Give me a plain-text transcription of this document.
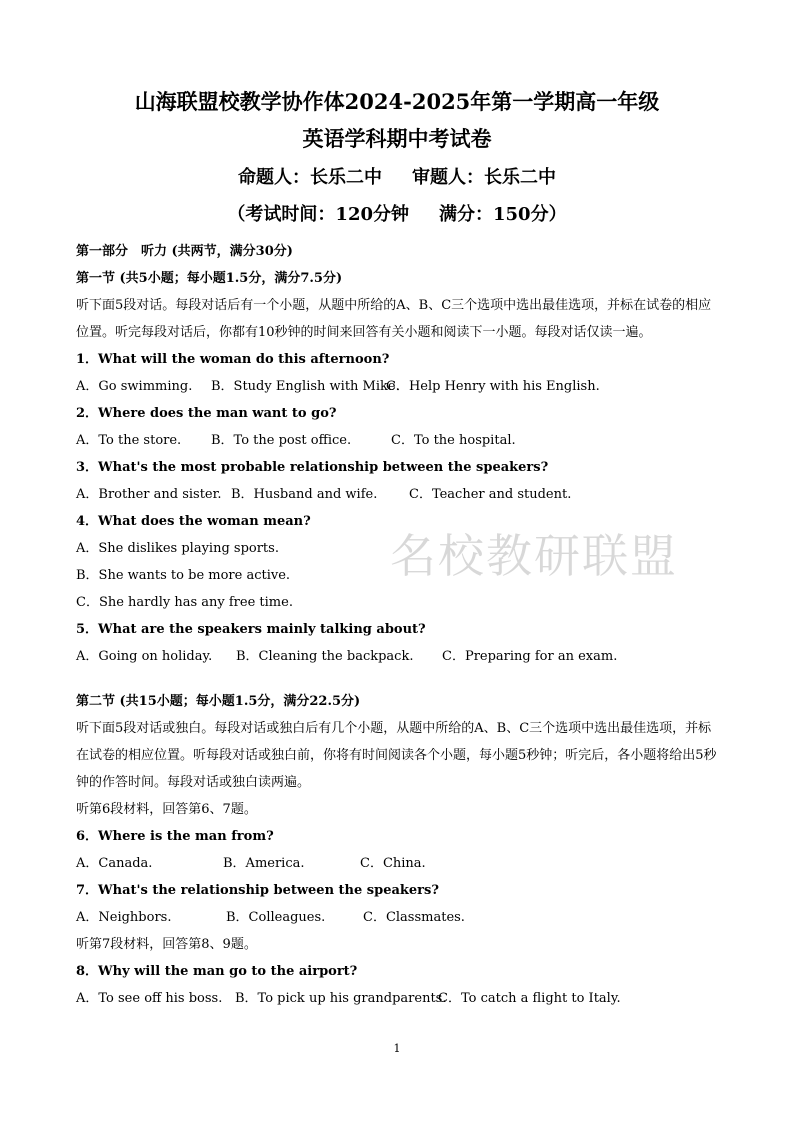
山海联盟校教学协作体2024-2025年第一学期高一年级
英语学科期中考试卷
命题人：长乐二中 审题人：长乐二中
（考试时间：120分钟 满分：150分）
第一部分　听力 (共两节，满分30分)
第一节 (共5小题；每小题1.5分，满分7.5分)
听下面5段对话。每段对话后有一个小题，从题中所给的A、B、C三个选项中选出最佳选项，并标在试卷的相应位置。听完每段对话后，你都有10秒钟的时间来回答有关小题和阅读下一小题。每段对话仅读一遍。
1．What will the woman do this afternoon?
A．Go swimming. B．Study English with Mike.C．Help Henry with his English.
2．Where does the man want to go?
A．To the store. B．To the post office.	C．To the hospital.
3．What's the most probable relationship between the speakers?
A．Brother and sister. B．Husband and wife. C．Teacher and student.
4．What does the woman mean?
A．She dislikes playing sports.
B．She wants to be more active.
C．She hardly has any free time.
5．What are the speakers mainly talking about?
A．Going on holiday. B．Cleaning the backpack. C．Preparing for an exam.
第二节 (共15小题；每小题1.5分，满分22.5分)
听下面5段对话或独白。每段对话或独白后有几个小题，从题中所给的A、B、C三个选项中选出最佳选项，并标在试卷的相应位置。听每段对话或独白前，你将有时间阅读各个小题，每小题5秒钟；听完后，各小题将给出5秒钟的作答时间。每段对话或独白读两遍。
听第6段材料，回答第6、7题。
6．Where is the man from?
A．Canada.	B．America.	C．China.
7．What's the relationship between the speakers?
A．Neighbors.	B．Colleagues.	C．Classmates.
听第7段材料，回答第8、9题。
8．Why will the man go to the airport?
A．To see off his boss. B．To pick up his grandparents.C．To catch a flight to Italy.
名校教研联盟
1
